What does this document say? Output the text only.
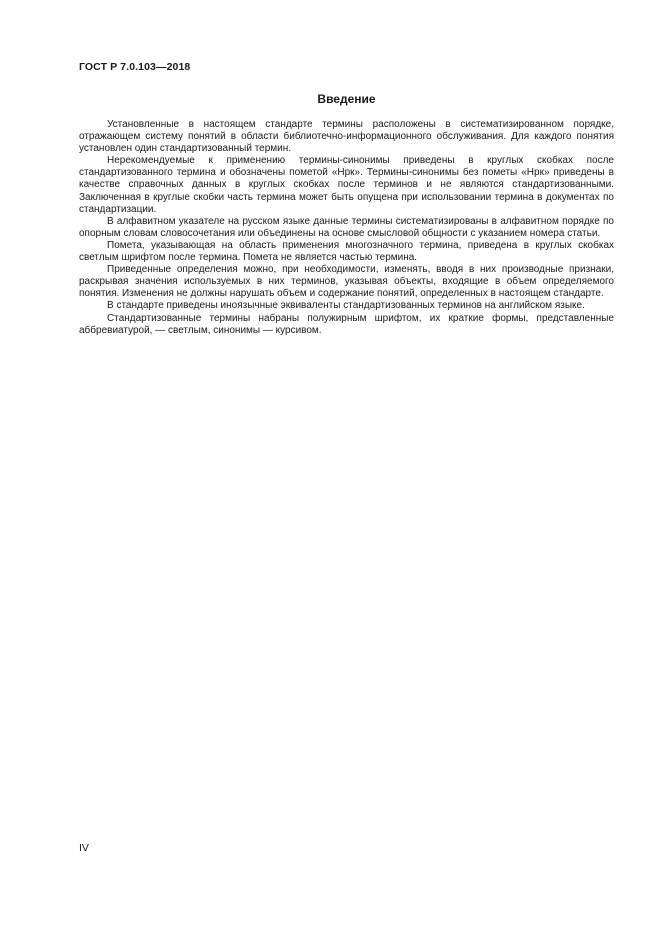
ГОСТ Р 7.0.103—2018
Введение

Установленные в настоящем стандарте термины расположены в систематизированном порядке, отражающем систему понятий в области библиотечно-информационного обслуживания. Для каждого понятия установлен один стандартизованный термин.

Нерекомендуемые к применению термины-синонимы приведены в круглых скобках после стандартизованного термина и обозначены пометой «Нрк». Термины-синонимы без пометы «Нрк» приведены в качестве справочных данных в круглых скобках после терминов и не являются стандартизованными. Заключенная в круглые скобки часть термина может быть опущена при использовании термина в документах по стандартизации.

В алфавитном указателе на русском языке данные термины систематизированы в алфавитном порядке по опорным словам словосочетания или объединены на основе смысловой общности с указанием номера статьи.

Помета, указывающая на область применения многозначного термина, приведена в круглых скобках светлым шрифтом после термина. Помета не является частью термина.

Приведенные определения можно, при необходимости, изменять, вводя в них производные признаки, раскрывая значения используемых в них терминов, указывая объекты, входящие в объем определяемого понятия. Изменения не должны нарушать объем и содержание понятий, определенных в настоящем стандарте.

В стандарте приведены иноязычные эквиваленты стандартизованных терминов на английском языке.

Стандартизованные термины набраны полужирным шрифтом, их краткие формы, представленные аббревиатурой, — светлым, синонимы — курсивом.

IV
